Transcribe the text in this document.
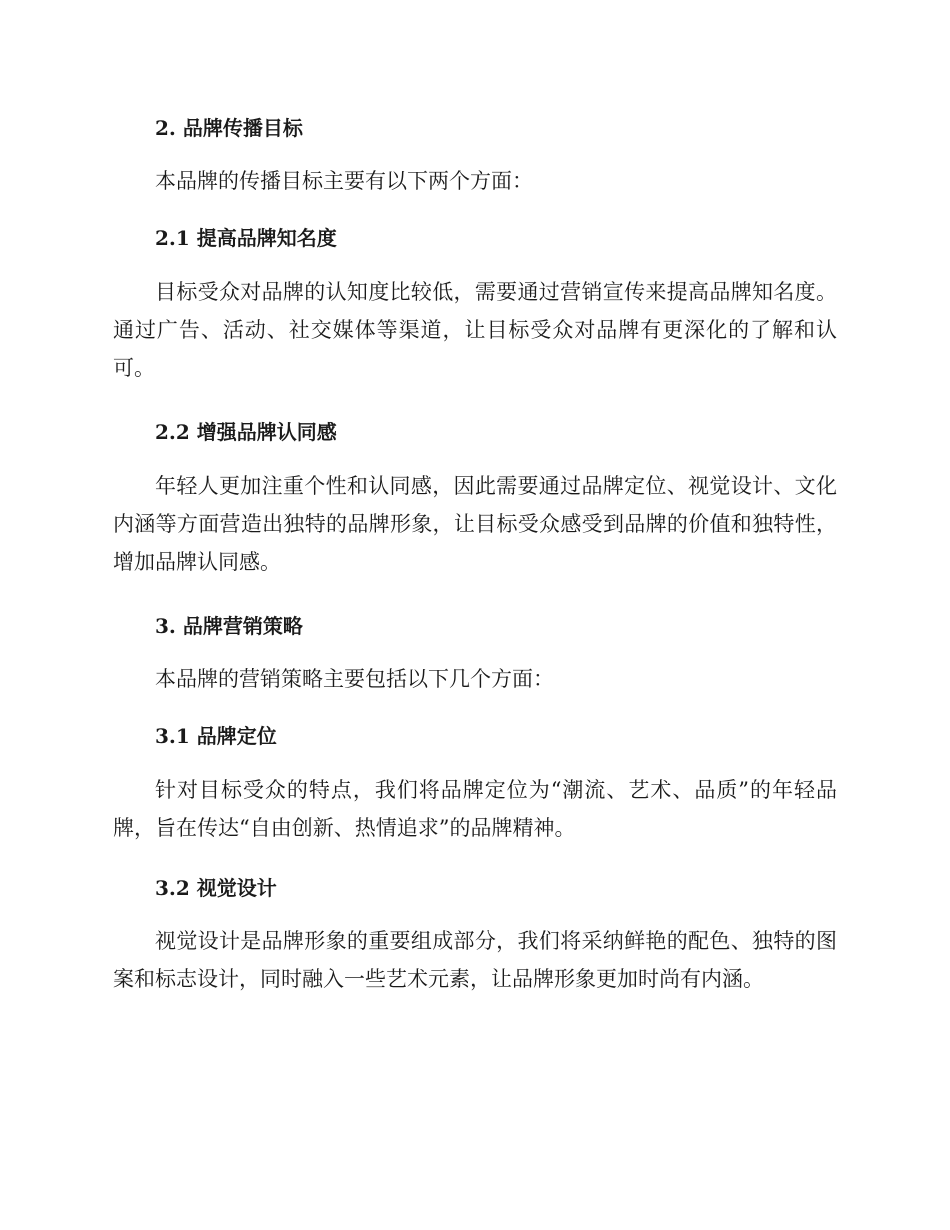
2. 品牌传播目标

本品牌的传播目标主要有以下两个方面：

2.1 提高品牌知名度

目标受众对品牌的认知度比较低，需要通过营销宣传来提高品牌知名度。通过广告、活动、社交媒体等渠道，让目标受众对品牌有更深化的了解和认可。

2.2 增强品牌认同感

年轻人更加注重个性和认同感，因此需要通过品牌定位、视觉设计、文化内涵等方面营造出独特的品牌形象，让目标受众感受到品牌的价值和独特性，增加品牌认同感。

3. 品牌营销策略

本品牌的营销策略主要包括以下几个方面：

3.1 品牌定位

针对目标受众的特点，我们将品牌定位为“潮流、艺术、品质”的年轻品牌，旨在传达“自由创新、热情追求”的品牌精神。

3.2 视觉设计

视觉设计是品牌形象的重要组成部分，我们将采纳鲜艳的配色、独特的图案和标志设计，同时融入一些艺术元素，让品牌形象更加时尚有内涵。
